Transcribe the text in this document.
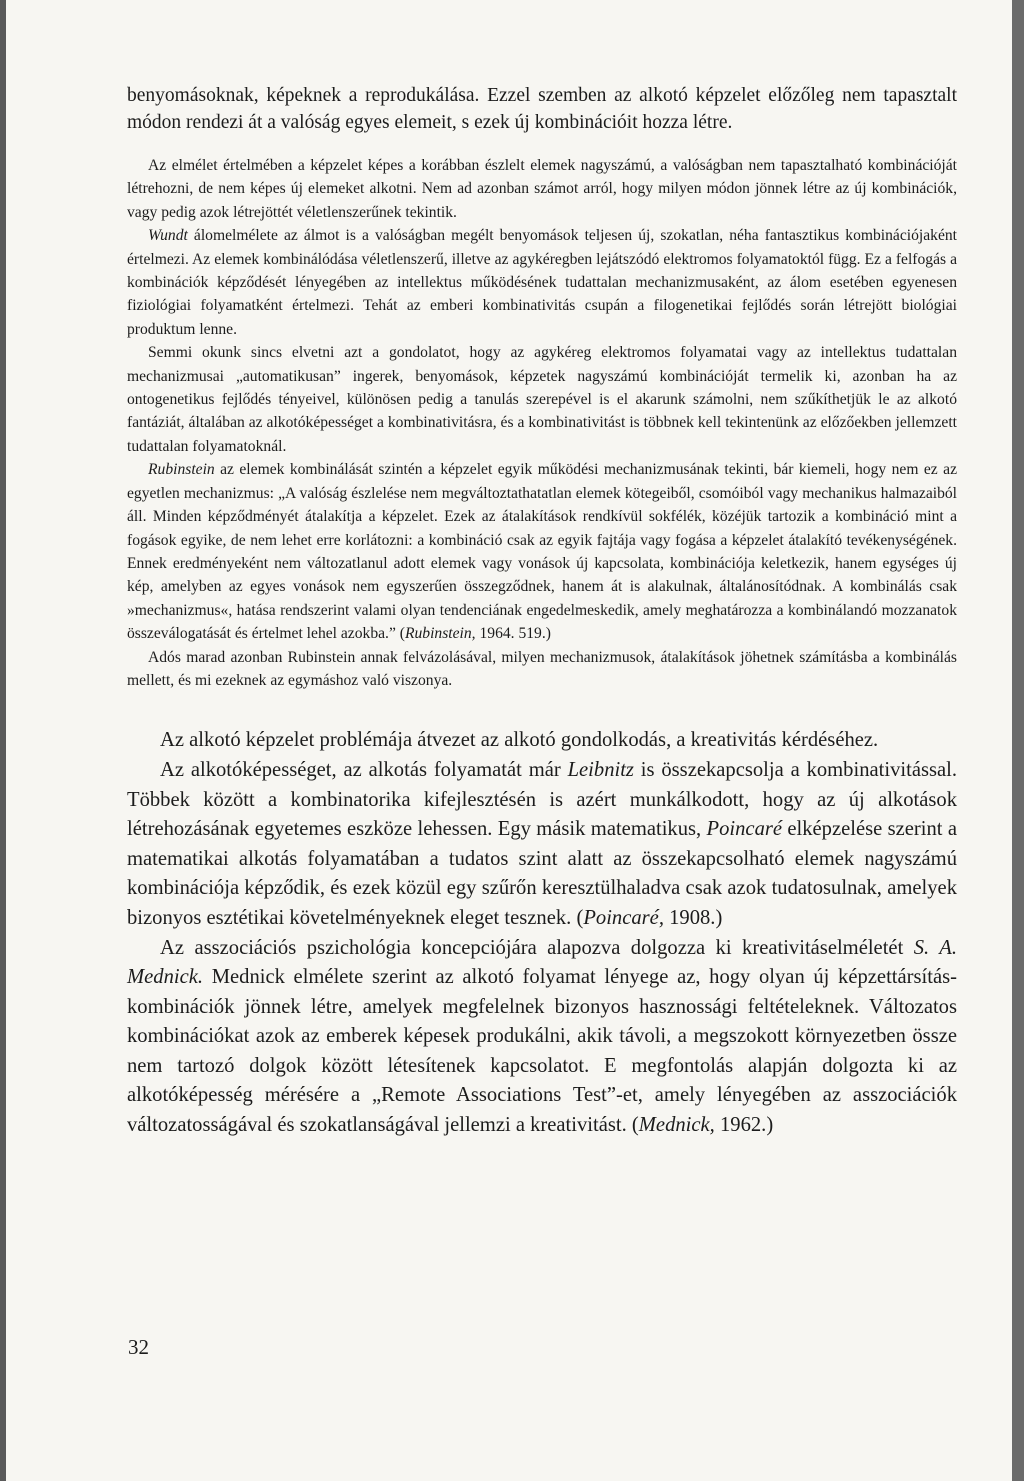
benyomásoknak, képeknek a reprodukálása. Ezzel szemben az alkotó képzelet előzőleg nem tapasztalt módon rendezi át a valóság egyes elemeit, s ezek új kombinációit hozza létre.

Az elmélet értelmében a képzelet képes a korábban észlelt elemek nagyszámú, a valóságban nem tapasztalható kombinációját létrehozni, de nem képes új elemeket alkotni. Nem ad azonban számot arról, hogy milyen módon jönnek létre az új kombinációk, vagy pedig azok létrejöttét véletlenszerűnek tekintik.

Wundt álomelmélete az álmot is a valóságban megélt benyomások teljesen új, szokatlan, néha fantasztikus kombinációjaként értelmezi. Az elemek kombinálódása véletlenszerű, illetve az agykéregben lejátszódó elektromos folyamatoktól függ. Ez a felfogás a kombinációk képződését lényegében az intellektus működésének tudattalan mechanizmusaként, az álom esetében egyenesen fiziológiai folyamatként értelmezi. Tehát az emberi kombinativitás csupán a filogenetikai fejlődés során létrejött biológiai produktum lenne.

Semmi okunk sincs elvetni azt a gondolatot, hogy az agykéreg elektromos folyamatai vagy az intellektus tudattalan mechanizmusai „automatikusan” ingerek, benyomások, képzetek nagyszámú kombinációját termelik ki, azonban ha az ontogenetikus fejlődés tényeivel, különösen pedig a tanulás szerepével is el akarunk számolni, nem szűkíthetjük le az alkotó fantáziát, általában az alkotóképességet a kombinativitásra, és a kombinativitást is többnek kell tekintenünk az előzőekben jellemzett tudattalan folyamatoknál.

Rubinstein az elemek kombinálását szintén a képzelet egyik működési mechanizmusának tekinti, bár kiemeli, hogy nem ez az egyetlen mechanizmus: „A valóság észlelése nem megváltoztathatatlan elemek kötegeiből, csomóiból vagy mechanikus halmazaiból áll. Minden képződményét átalakítja a képzelet. Ezek az átalakítások rendkívül sokfélék, közéjük tartozik a kombináció mint a fogások egyike, de nem lehet erre korlátozni: a kombináció csak az egyik fajtája vagy fogása a képzelet átalakító tevékenységének. Ennek eredményeként nem változatlanul adott elemek vagy vonások új kapcsolata, kombinációja keletkezik, hanem egységes új kép, amelyben az egyes vonások nem egyszerűen összegződnek, hanem át is alakulnak, általánosítódnak. A kombinálás csak »mechanizmus«, hatása rendszerint valami olyan tendenciának engedelmeskedik, amely meghatározza a kombinálandó mozzanatok összeválogatását és értelmet lehel azokba.” (Rubinstein, 1964. 519.)

Adós marad azonban Rubinstein annak felvázolásával, milyen mechanizmusok, átalakítások jöhetnek számításba a kombinálás mellett, és mi ezeknek az egymáshoz való viszonya.

Az alkotó képzelet problémája átvezet az alkotó gondolkodás, a kreativitás kérdéséhez.

Az alkotóképességet, az alkotás folyamatát már Leibnitz is összekapcsolja a kombinativitással. Többek között a kombinatorika kifejlesztésén is azért munkálkodott, hogy az új alkotások létrehozásának egyetemes eszköze lehessen. Egy másik matematikus, Poincaré elképzelése szerint a matematikai alkotás folyamatában a tudatos szint alatt az összekapcsolható elemek nagyszámú kombinációja képződik, és ezek közül egy szűrőn keresztülhaladva csak azok tudatosulnak, amelyek bizonyos esztétikai követelményeknek eleget tesznek. (Poincaré, 1908.)

Az asszociációs pszichológia koncepciójára alapozva dolgozza ki kreativitáselméletét S. A. Mednick. Mednick elmélete szerint az alkotó folyamat lényege az, hogy olyan új képzettársítás-kombinációk jönnek létre, amelyek megfelelnek bizonyos hasznossági feltételeknek. Változatos kombinációkat azok az emberek képesek produkálni, akik távoli, a megszokott környezetben össze nem tartozó dolgok között létesítenek kapcsolatot. E megfontolás alapján dolgozta ki az alkotóképesség mérésére a „Remote Associations Test”-et, amely lényegében az asszociációk változatosságával és szokatlanságával jellemzi a kreativitást. (Mednick, 1962.)

32
